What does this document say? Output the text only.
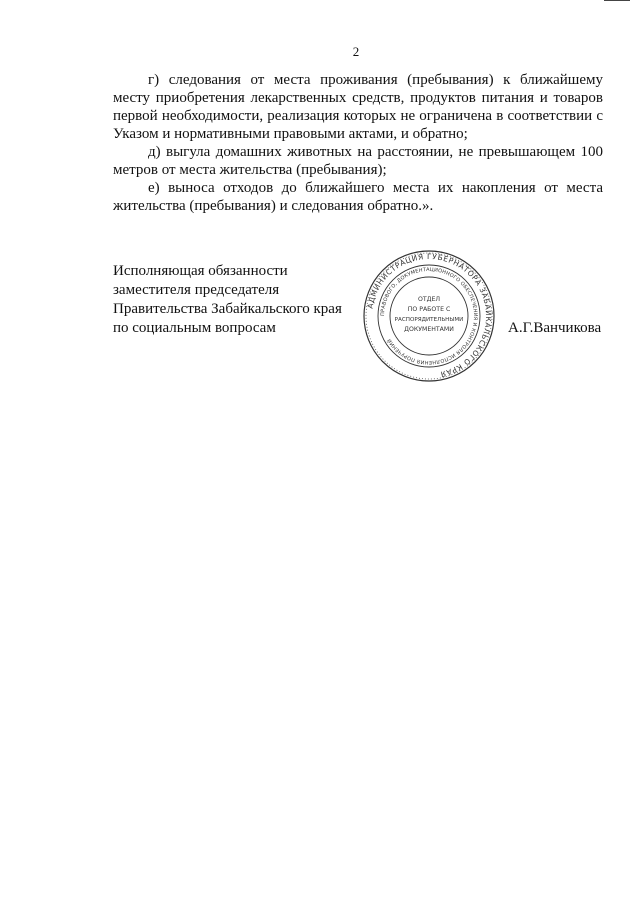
2

г) следования от места проживания (пребывания) к ближайшему месту приобретения лекарственных средств, продуктов питания и товаров первой необходимости, реализация которых не ограничена в соответствии с Указом и нормативными правовыми актами, и обратно;

д) выгула домашних животных на расстоянии, не превышающем 100 метров от места жительства (пребывания);

е) выноса отходов до ближайшего места их накопления от места жительства (пребывания) и следования обратно.».

Исполняющая обязанности
заместителя председателя
Правительства Забайкальского края
по социальным вопросам	А.Г.Ванчикова
АДМИНИСТРАЦИЯ ГУБЕРНАТОРА ЗАБАЙКАЛЬСКОГО КРАЯ
ПРАВОВОГО, ДОКУМЕНТАЦИОННОГО ОБЕСПЕЧЕНИЯ И КОНТРОЛЯ ИСПОЛНЕНИЯ ПОРУЧЕНИЙ
ОТДЕЛ
ПО РАБОТЕ С
РАСПОРЯДИТЕЛЬНЫМИ
ДОКУМЕНТАМИ
